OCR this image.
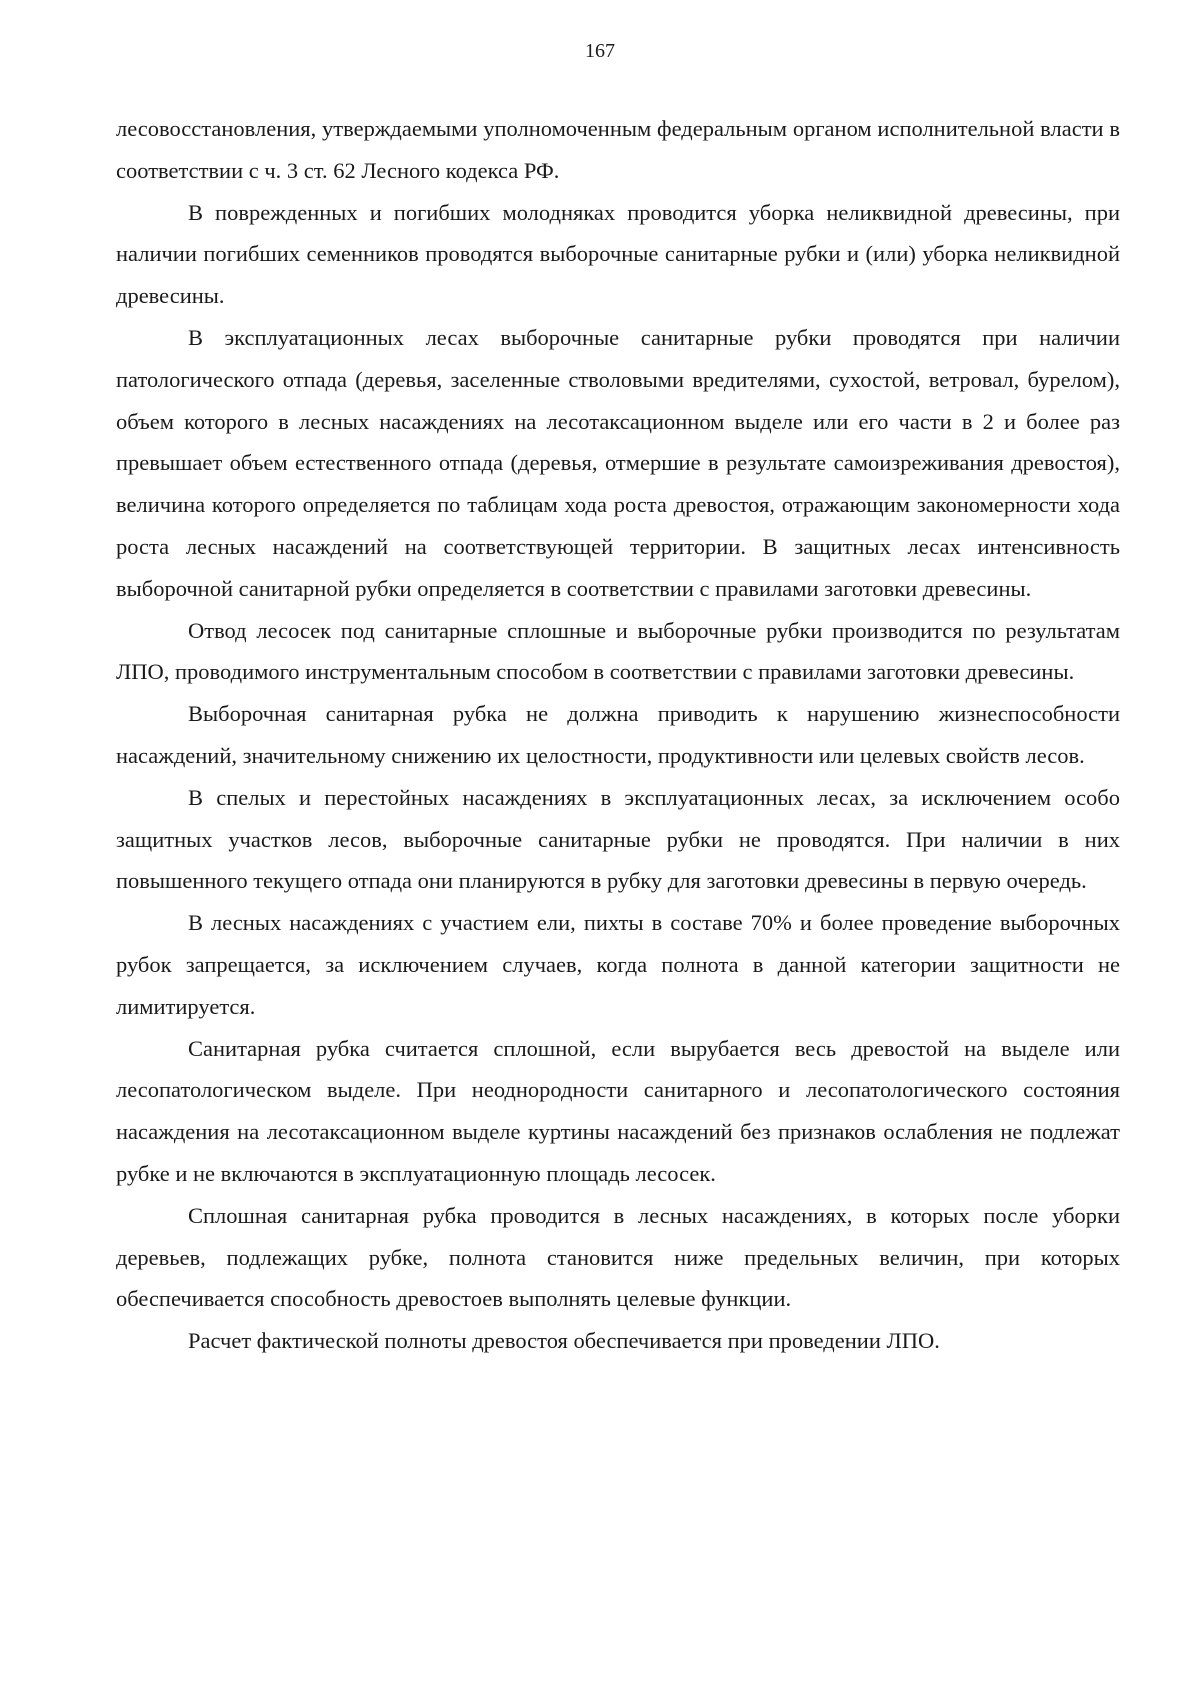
167

лесовосстановления, утверждаемыми уполномоченным федеральным органом исполнительной власти в соответствии с ч. 3 ст. 62 Лесного кодекса РФ.

В поврежденных и погибших молодняках проводится уборка неликвидной древесины, при наличии погибших семенников проводятся выборочные санитарные рубки и (или) уборка неликвидной древесины.

В эксплуатационных лесах выборочные санитарные рубки проводятся при наличии патологического отпада (деревья, заселенные стволовыми вредителями, сухостой, ветровал, бурелом), объем которого в лесных насаждениях на лесотаксационном выделе или его части в 2 и более раз превышает объем естественного отпада (деревья, отмершие в результате самоизреживания древостоя), величина которого определяется по таблицам хода роста древостоя, отражающим закономерности хода роста лесных насаждений на соответствующей территории. В защитных лесах интенсивность выборочной санитарной рубки определяется в соответствии с правилами заготовки древесины.

Отвод лесосек под санитарные сплошные и выборочные рубки производится по результатам ЛПО, проводимого инструментальным способом в соответствии с правилами заготовки древесины.

Выборочная санитарная рубка не должна приводить к нарушению жизнеспособности насаждений, значительному снижению их целостности, продуктивности или целевых свойств лесов.

В спелых и перестойных насаждениях в эксплуатационных лесах, за исключением особо защитных участков лесов, выборочные санитарные рубки не проводятся. При наличии в них повышенного текущего отпада они планируются в рубку для заготовки древесины в первую очередь.

В лесных насаждениях с участием ели, пихты в составе 70% и более проведение выборочных рубок запрещается, за исключением случаев, когда полнота в данной категории защитности не лимитируется.

Санитарная рубка считается сплошной, если вырубается весь древостой на выделе или лесопатологическом выделе. При неоднородности санитарного и лесопатологического состояния насаждения на лесотаксационном выделе куртины насаждений без признаков ослабления не подлежат рубке и не включаются в эксплуатационную площадь лесосек.

Сплошная санитарная рубка проводится в лесных насаждениях, в которых после уборки деревьев, подлежащих рубке, полнота становится ниже предельных величин, при которых обеспечивается способность древостоев выполнять целевые функции.

Расчет фактической полноты древостоя обеспечивается при проведении ЛПО.
